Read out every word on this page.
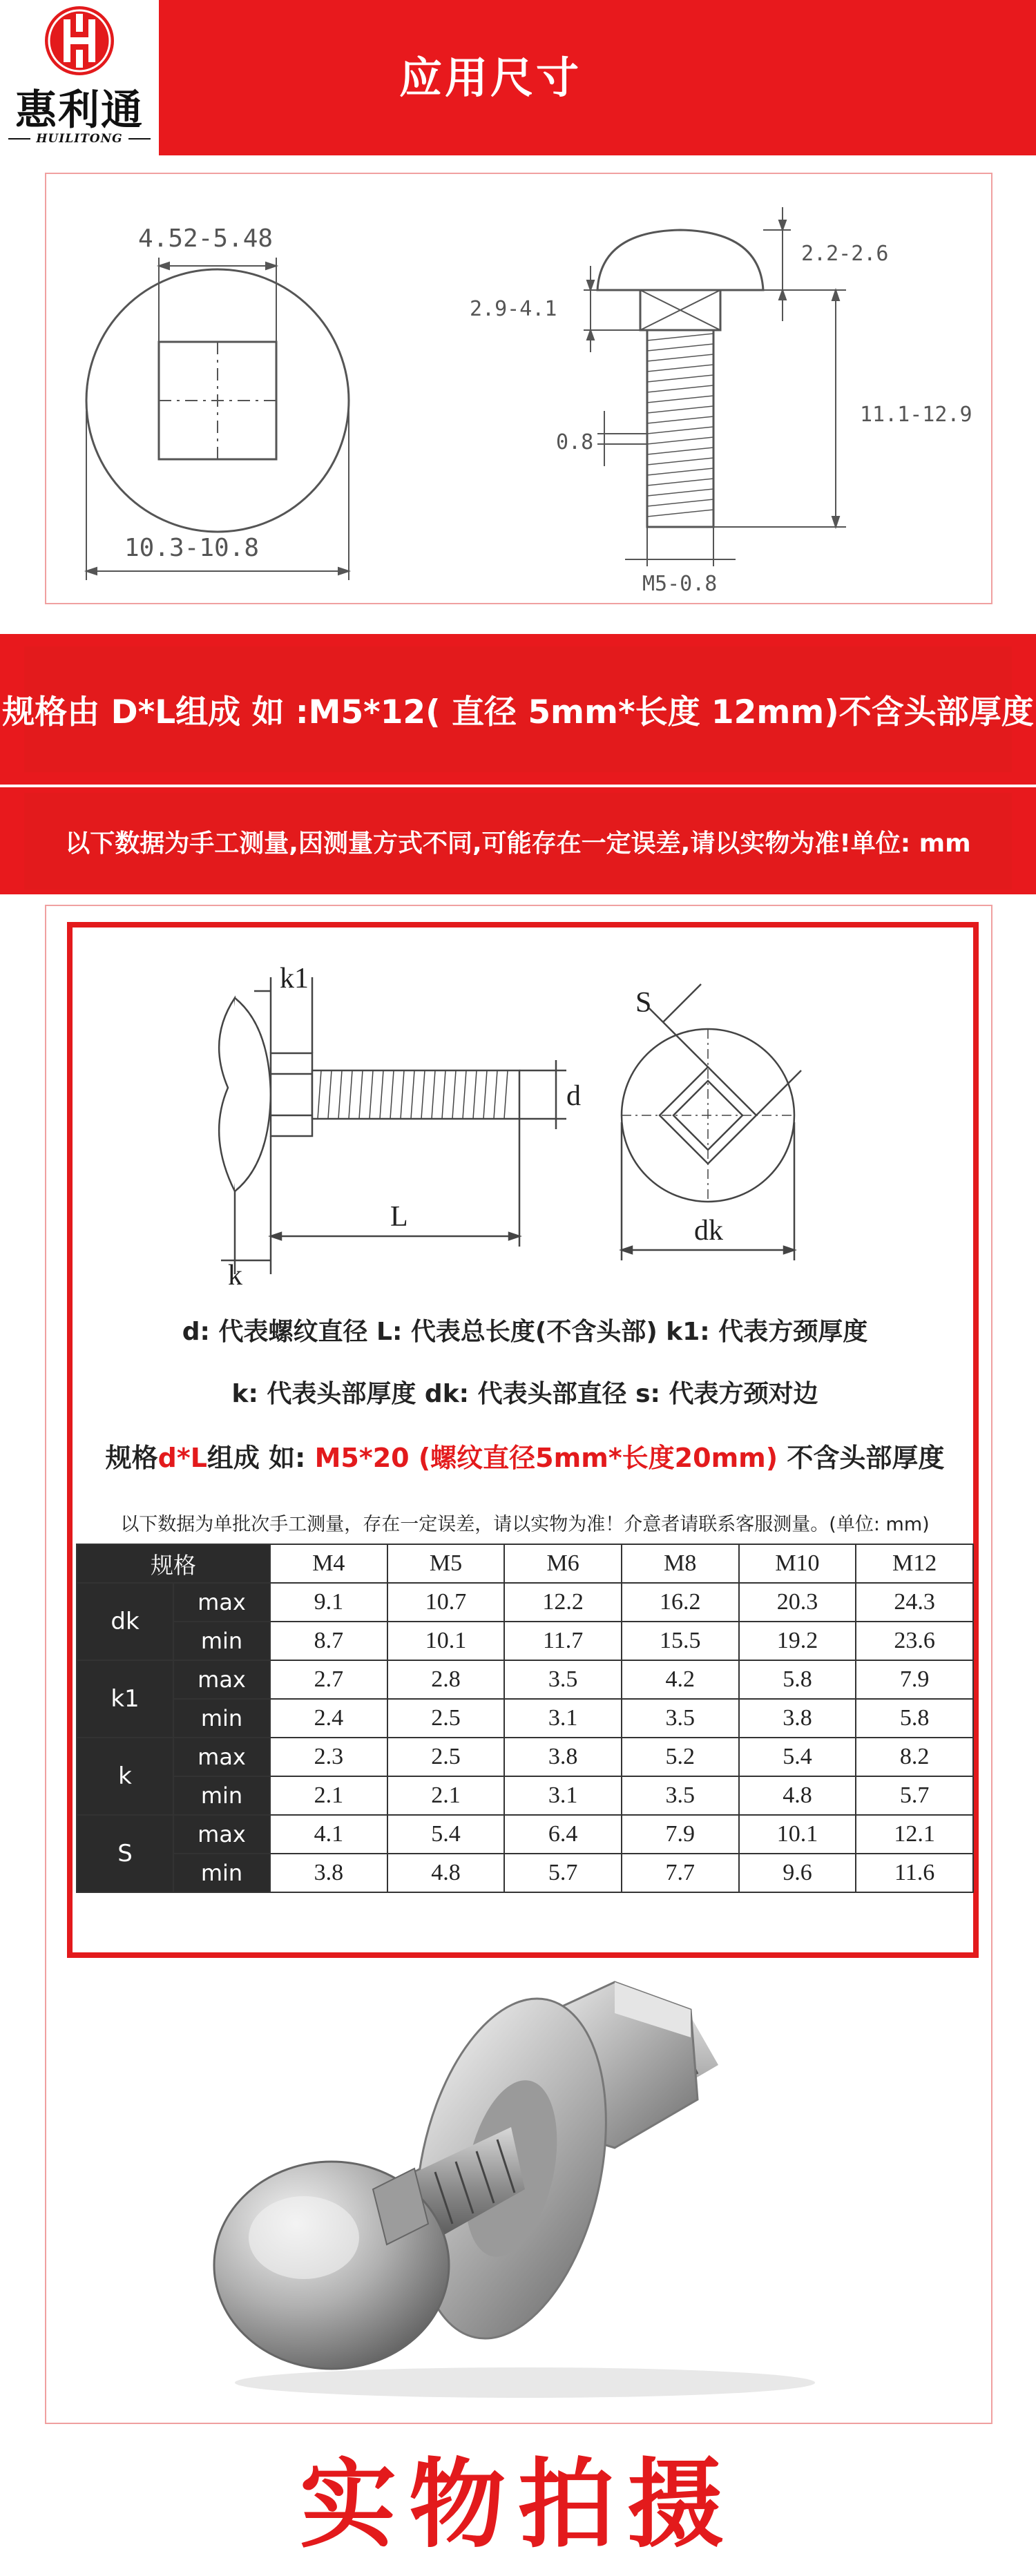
惠利通
HUILITONG
应用尺寸
4.52-5.48
10.3-10.8
2.2-2.6
2.9-4.1
11.1-12.9
0.8
M5-0.8
规格由 D*L组成 如 :M5*12( 直径 5mm*长度 12mm)不含头部厚度
以下数据为手工测量,因测量方式不同,可能存在一定误差,请以实物为准!单位: mm
k1
d
L
k
S
dk
d: 代表螺纹直径 L: 代表总长度(不含头部) k1: 代表方颈厚度
k: 代表头部厚度 dk: 代表头部直径 s: 代表方颈对边
规格d*L组成 如: M5*20 (螺纹直径5mm*长度20mm) 不含头部厚度
以下数据为单批次手工测量，存在一定误差，请以实物为准！介意者请联系客服测量。(单位: mm)
规格		M4	M5	M6	M8	M10	M12
dk	max	9.1	10.7	12.2	16.2	20.3	24.3
	min	8.7	10.1	11.7	15.5	19.2	23.6
k1	max	2.7	2.8	3.5	4.2	5.8	7.9
	min	2.4	2.5	3.1	3.5	3.8	5.8
k	max	2.3	2.5	3.8	5.2	5.4	8.2
	min	2.1	2.1	3.1	3.5	4.8	5.7
S	max	4.1	5.4	6.4	7.9	10.1	12.1
	min	3.8	4.8	5.7	7.7	9.6	11.6
实物拍摄
